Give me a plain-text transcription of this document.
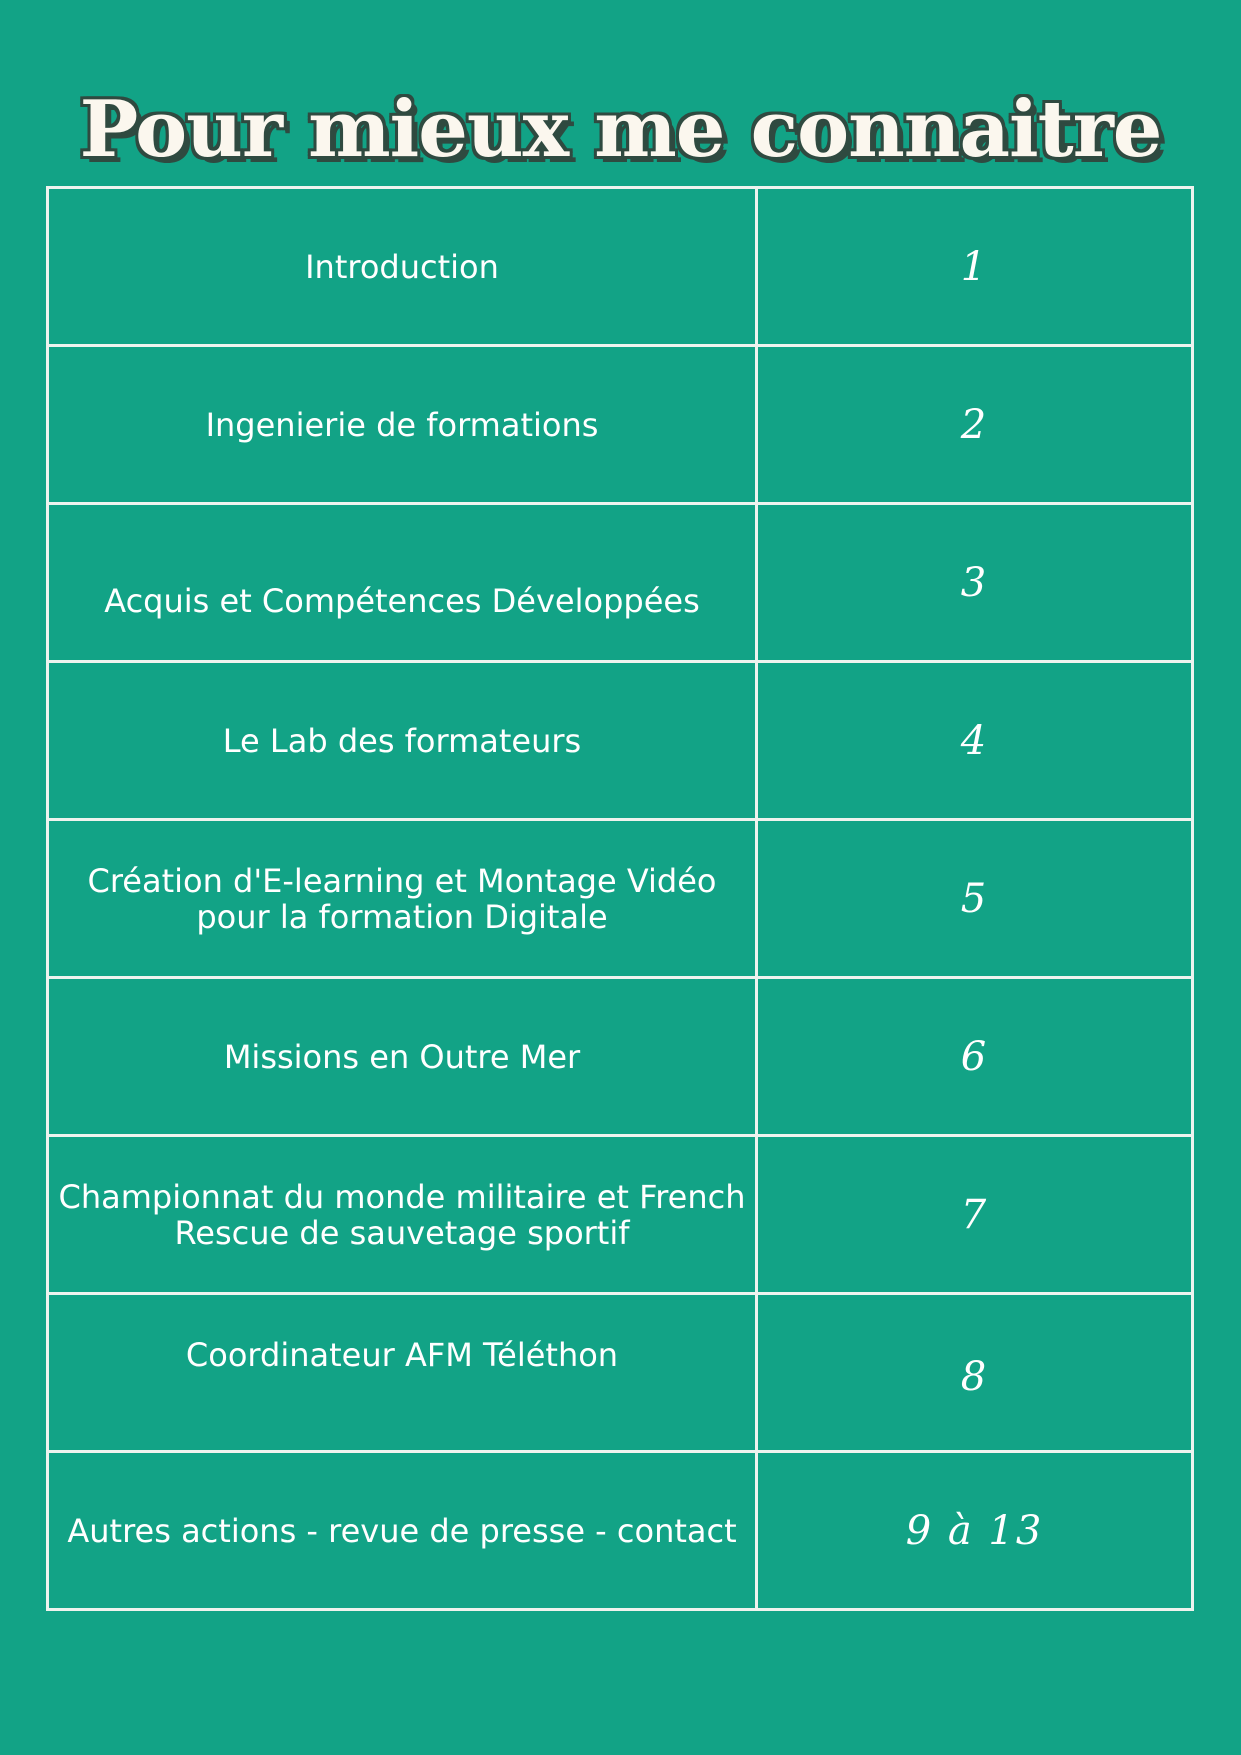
Pour mieux me connaitre
Introduction	1
Ingenierie de formations	2
Acquis et Compétences Développées	3
Le Lab des formateurs	4
Création d'E-learning et Montage Vidéo pour la formation Digitale	5
Missions en Outre Mer	6
Championnat du monde militaire et French Rescue de sauvetage sportif	7
Coordinateur AFM Téléthon	8
Autres actions - revue de presse - contact	9 à 13
